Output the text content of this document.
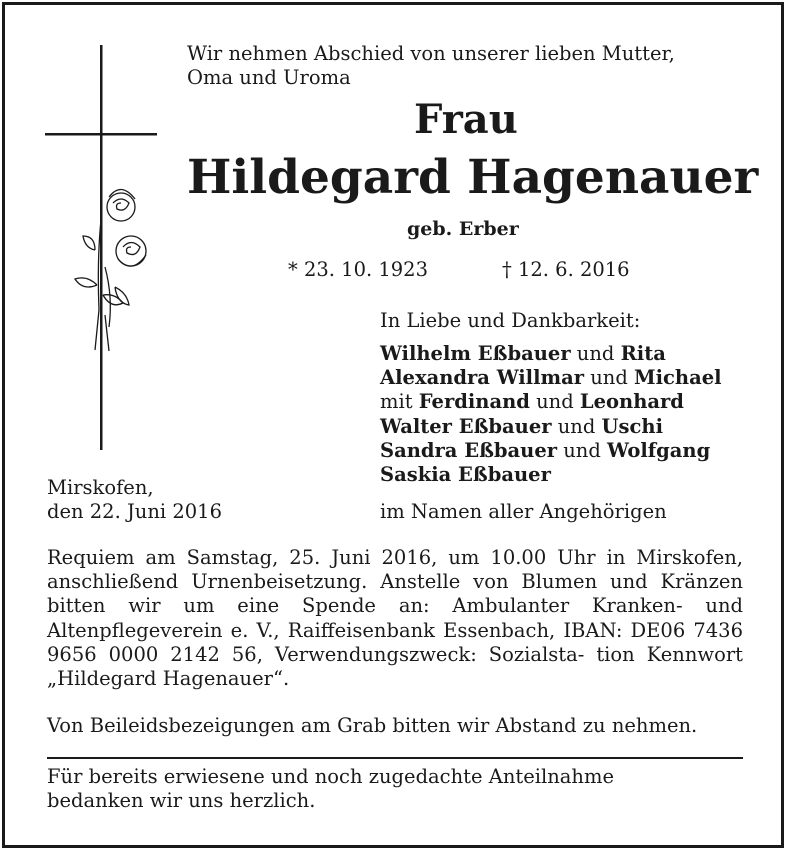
Wir nehmen Abschied von unserer lieben Mutter,
Oma und Uroma
Frau
Hildegard Hagenauer
geb. Erber
* 23. 10. 1923	† 12. 6. 2016
In Liebe und Dankbarkeit:
Wilhelm Eßbauer und Rita
Alexandra Willmar und Michael
mit Ferdinand und Leonhard
Walter Eßbauer und Uschi
Sandra Eßbauer und Wolfgang
Saskia Eßbauer
Mirskofen,
den 22. Juni 2016	im Namen aller Angehörigen
Requiem am Samstag, 25. Juni 2016, um 10.00 Uhr in Mirskofen, anschließend Urnenbeisetzung. Anstelle von Blumen und Kränzen bitten wir um eine Spende an: Ambulanter Kranken- und Altenpflegeverein e. V., Raiffeisenbank Essenbach, IBAN: DE06 7436 9656 0000 2142 56, Verwendungszweck: Sozialsta- tion Kennwort „Hildegard Hagenauer“.
Von Beileidsbezeigungen am Grab bitten wir Abstand zu nehmen.
Für bereits erwiesene und noch zugedachte Anteilnahme
bedanken wir uns herzlich.
